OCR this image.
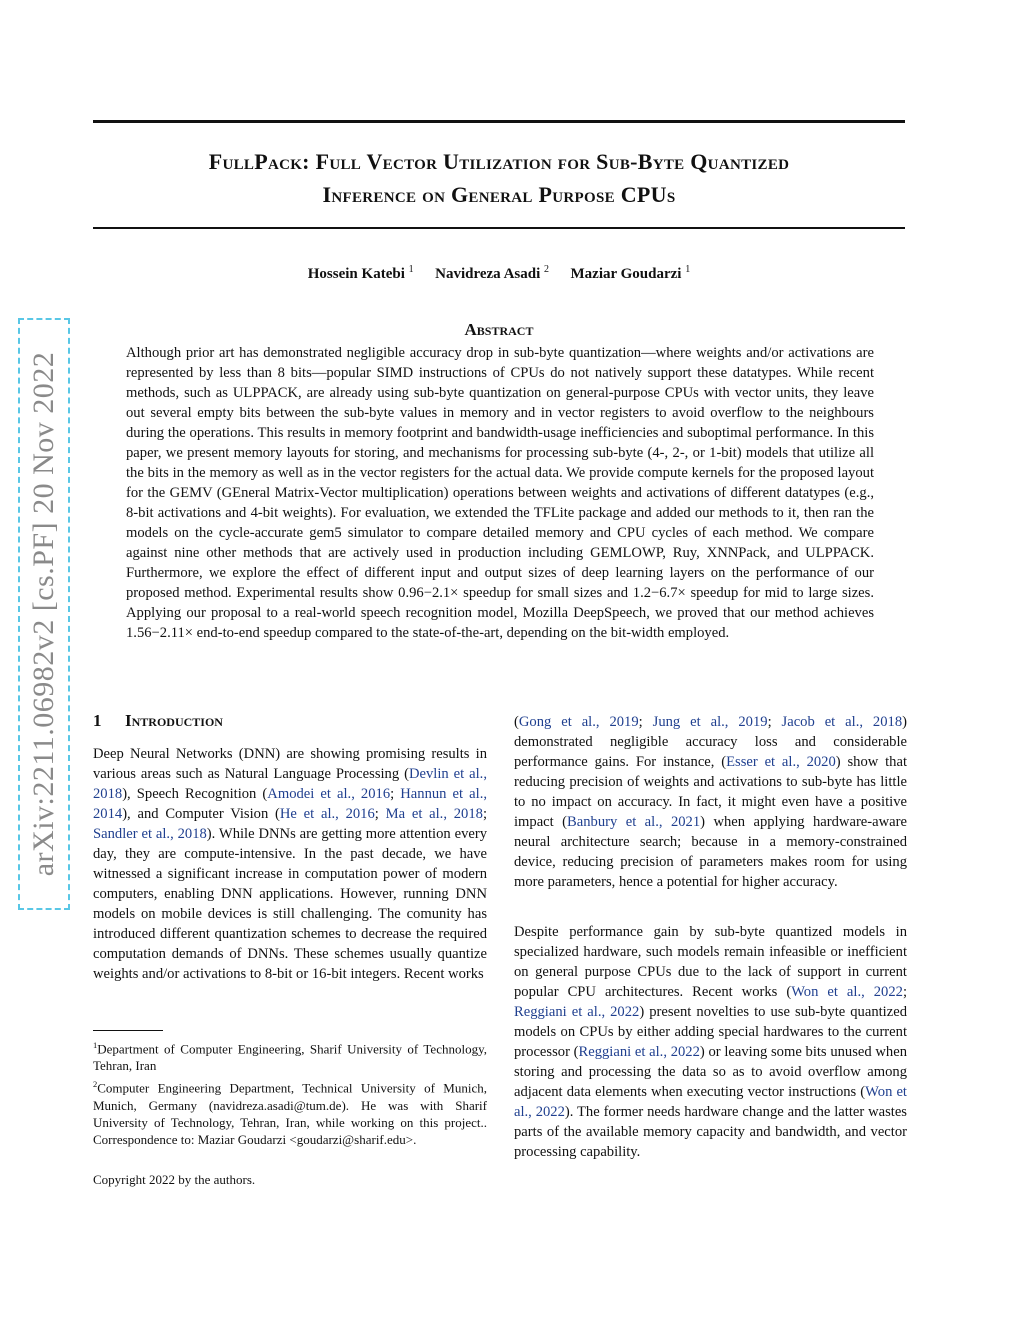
arXiv:2211.06982v2 [cs.PF] 20 Nov 2022
FullPack: Full Vector Utilization for Sub-Byte Quantized
Inference on General Purpose CPUs
Hossein Katebi $^1$ Navidreza Asadi $^2$ Maziar Goudarzi $^1$
Abstract

Although prior art has demonstrated negligible accuracy drop in sub-byte quantization—where weights and/or activations are represented by less than 8 bits—popular SIMD instructions of CPUs do not natively support these datatypes. While recent methods, such as ULPPACK, are already using sub-byte quantization on general-purpose CPUs with vector units, they leave out several empty bits between the sub-byte values in memory and in vector registers to avoid overflow to the neighbours during the operations. This results in memory footprint and bandwidth-usage inefficiencies and suboptimal performance. In this paper, we present memory layouts for storing, and mechanisms for processing sub-byte (4-, 2-, or 1-bit) models that utilize all the bits in the memory as well as in the vector registers for the actual data. We provide compute kernels for the proposed layout for the GEMV (GEneral Matrix-Vector multiplication) operations between weights and activations of different datatypes (e.g., 8-bit activations and 4-bit weights). For evaluation, we extended the TFLite package and added our methods to it, then ran the models on the cycle-accurate gem5 simulator to compare detailed memory and CPU cycles of each method. We compare against nine other methods that are actively used in production including GEMLOWP, Ruy, XNNPack, and ULPPACK. Furthermore, we explore the effect of different input and output sizes of deep learning layers on the performance of our proposed method. Experimental results show 0.96−2.1× speedup for small sizes and 1.2−6.7× speedup for mid to large sizes. Applying our proposal to a real-world speech recognition model, Mozilla DeepSpeech, we proved that our method achieves 1.56−2.11× end-to-end speedup compared to the state-of-the-art, depending on the bit-width employed.

1 Introduction

Deep Neural Networks (DNN) are showing promising results in various areas such as Natural Language Processing (Devlin et al., 2018), Speech Recognition (Amodei et al., 2016; Hannun et al., 2014), and Computer Vision (He et al., 2016; Ma et al., 2018; Sandler et al., 2018). While DNNs are getting more attention every day, they are compute-intensive. In the past decade, we have witnessed a significant increase in computation power of modern computers, enabling DNN applications. However, running DNN models on mobile devices is still challenging. The comunity has introduced different quantization schemes to decrease the required computation demands of DNNs. These schemes usually quantize weights and/or activations to 8-bit or 16-bit integers. Recent works

$^1$Department of Computer Engineering, Sharif University of Technology, Tehran, Iran

$^2$Computer Engineering Department, Technical University of Munich, Munich, Germany (navidreza.asadi@tum.de). He was with Sharif University of Technology, Tehran, Iran, while working on this project.. Correspondence to: Maziar Goudarzi <goudarzi@sharif.edu>.

Copyright 2022 by the authors.

(Gong et al., 2019; Jung et al., 2019; Jacob et al., 2018) demonstrated negligible accuracy loss and considerable performance gains. For instance, (Esser et al., 2020) show that reducing precision of weights and activations to sub-byte has little to no impact on accuracy. In fact, it might even have a positive impact (Banbury et al., 2021) when applying hardware-aware neural architecture search; because in a memory-constrained device, reducing precision of parameters makes room for using more parameters, hence a potential for higher accuracy.

Despite performance gain by sub-byte quantized models in specialized hardware, such models remain infeasible or inefficient on general purpose CPUs due to the lack of support in current popular CPU architectures. Recent works (Won et al., 2022; Reggiani et al., 2022) present novelties to use sub-byte quantized models on CPUs by either adding special hardwares to the current processor (Reggiani et al., 2022) or leaving some bits unused when storing and processing the data so as to avoid overflow among adjacent data elements when executing vector instructions (Won et al., 2022). The former needs hardware change and the latter wastes parts of the available memory capacity and bandwidth, and vector processing capability.
